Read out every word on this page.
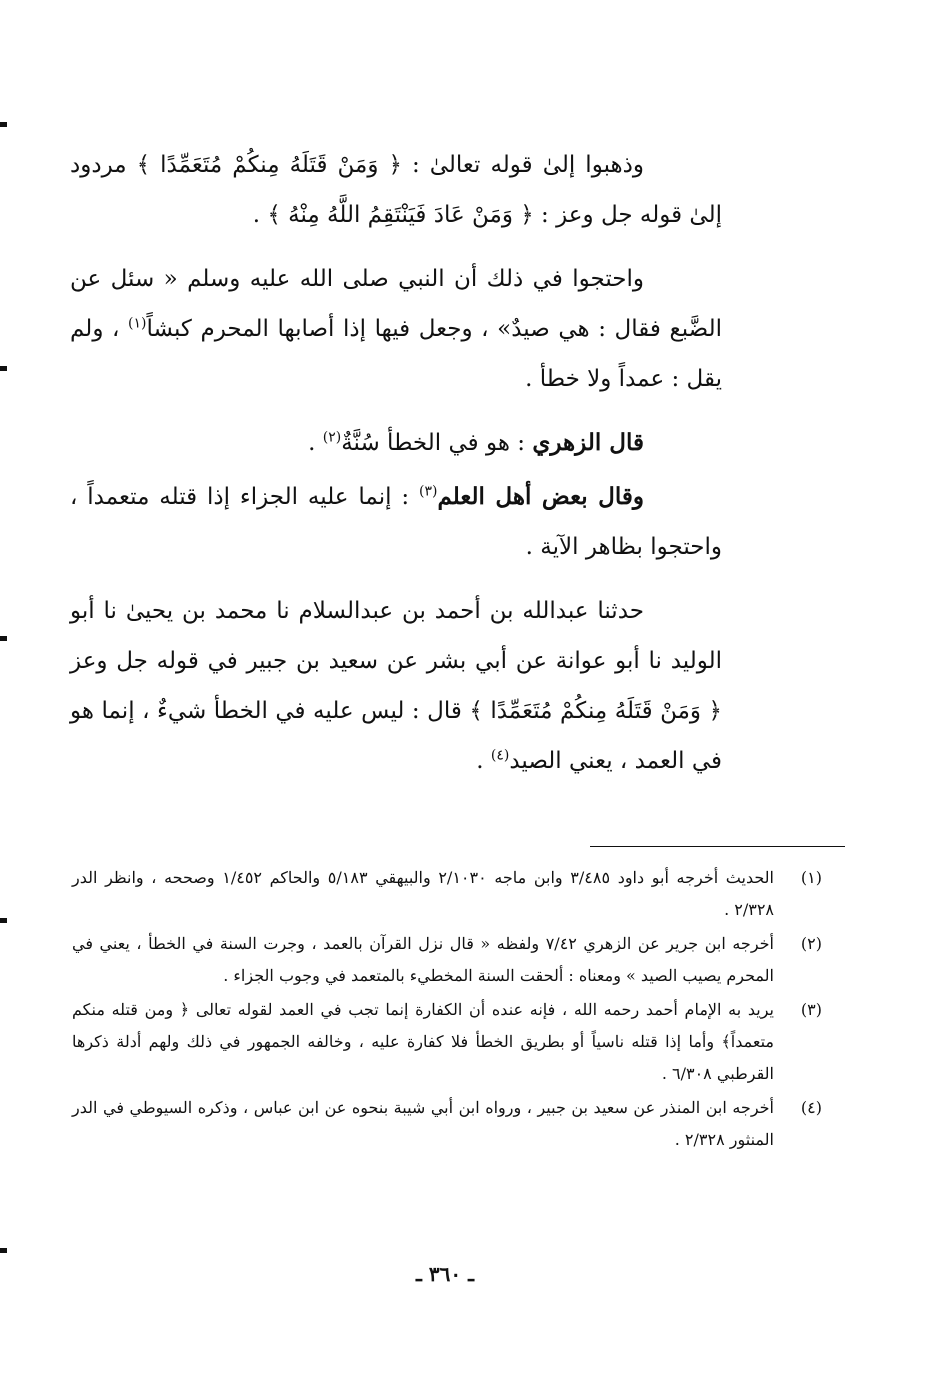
وذهبوا إلىٰ قوله تعالىٰ : ﴿ وَمَنْ قَتَلَهُ مِنكُمْ مُتَعَمِّدًا ﴾ مردود إلىٰ قوله جل وعز : ﴿ وَمَنْ عَادَ فَيَنْتَقِمُ اللَّهُ مِنْهُ ﴾ .

واحتجوا في ذلك أن النبي صلى الله عليه وسلم « سئل عن الضَّبع فقال : هي صيدٌ» ، وجعل فيها إذا أصابها المحرم كبشاً$^{(١)}$ ، ولم يقل : عمداً ولا خطأ .

قال الزهري : هو في الخطأ سُنَّةٌ$^{(٢)}$ .

وقال بعض أهل العلم$^{(٣)}$ : إنما عليه الجزاء إذا قتله متعمداً ، واحتجوا بظاهر الآية .

حدثنا عبدالله بن أحمد بن عبدالسلام نا محمد بن يحيىٰ نا أبو الوليد نا أبو عوانة عن أبي بشر عن سعيد بن جبير في قوله جل وعز ﴿ وَمَنْ قَتَلَهُ مِنكُمْ مُتَعَمِّدًا ﴾ قال : ليس عليه في الخطأ شيءٌ ، إنما هو في العمد ، يعني الصيد$^{(٤)}$ .

(١)
الحديث أخرجه أبو داود ٣/٤٨٥ وابن ماجه ٢/١٠٣٠ والبيهقي ٥/١٨٣ والحاكم ١/٤٥٢ وصححه ، وانظر الدر ٢/٣٢٨ .
(٢)
أخرجه ابن جرير عن الزهري ٧/٤٢ ولفظه « قال نزل القرآن بالعمد ، وجرت السنة في الخطأ ، يعني في المحرم يصيب الصيد » ومعناه : ألحقت السنة المخطيء بالمتعمد في وجوب الجزاء .
(٣)
يريد به الإمام أحمد رحمه الله ، فإنه عنده أن الكفارة إنما تجب في العمد لقوله تعالى ﴿ ومن قتله منكم متعمداً﴾ وأما إذا قتله ناسياً أو بطريق الخطأ فلا كفارة عليه ، وخالفه الجمهور في ذلك ولهم أدلة ذكرها القرطبي ٦/٣٠٨ .
(٤)
أخرجه ابن المنذر عن سعيد بن جبير ، ورواه ابن أبي شيبة بنحوه عن ابن عباس ، وذكره السيوطي في الدر المنثور ٢/٣٢٨ .
ـ ٣٦٠ ـ
